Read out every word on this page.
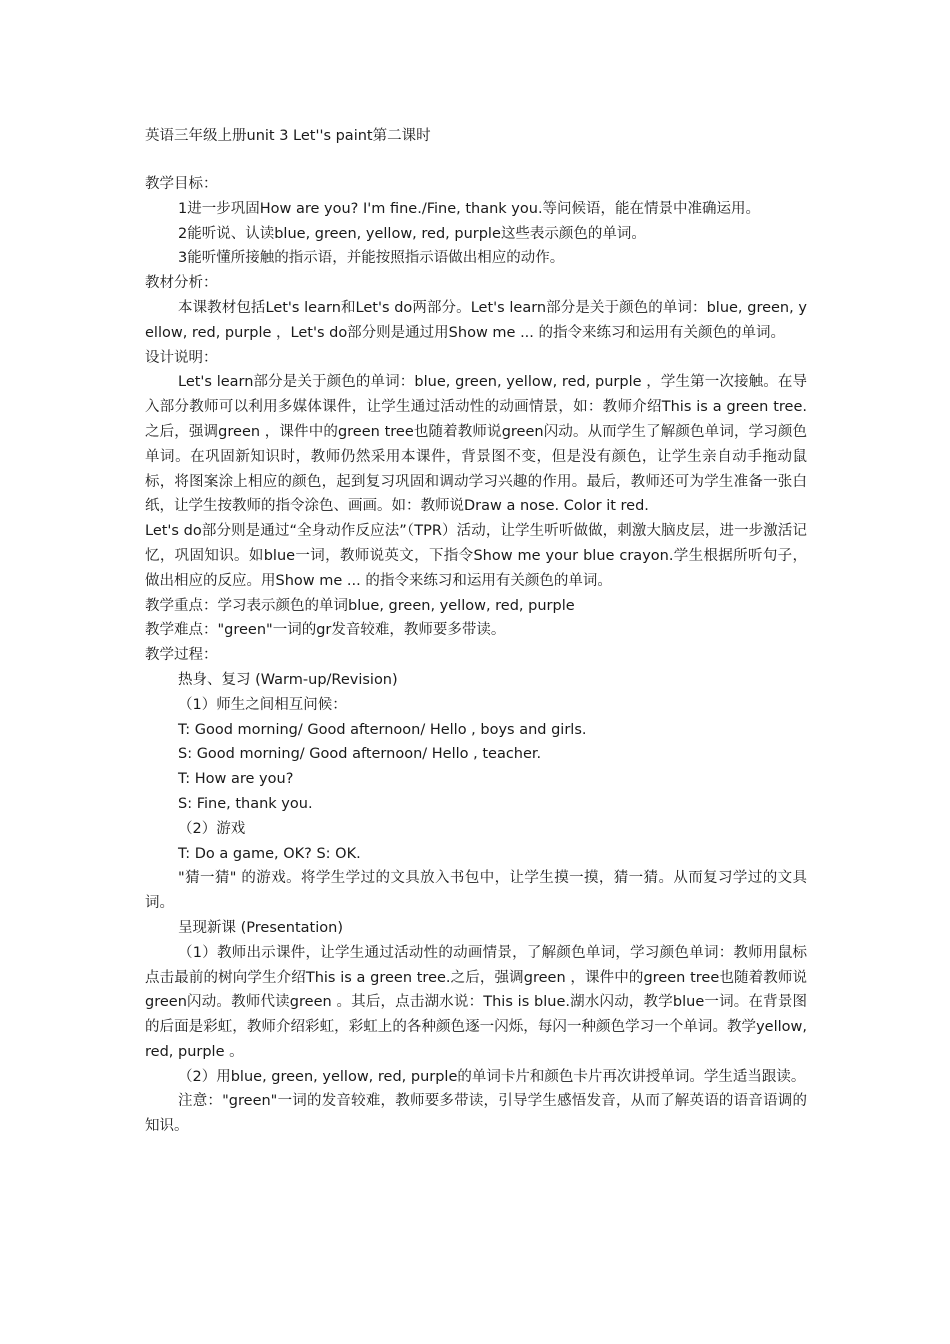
英语三年级上册unit 3 Let''s paint第二课时
教学目标：
1进一步巩固How are you? I'm fine./Fine, thank you.等问候语，能在情景中准确运用。
2能听说、认读blue, green, yellow, red, purple这些表示颜色的单词。
3能听懂所接触的指示语，并能按照指示语做出相应的动作。
教材分析：
本课教材包括Let's learn和Let's do两部分。Let's learn部分是关于颜色的单词：blue, green, yellow, red, purple ，Let's do部分则是通过用Show me ... 的指令来练习和运用有关颜色的单词。
设计说明：
Let's learn部分是关于颜色的单词：blue, green, yellow, red, purple ，学生第一次接触。在导入部分教师可以利用多媒体课件，让学生通过活动性的动画情景，如：教师介绍This is a green tree.之后，强调green ，课件中的green tree也随着教师说green闪动。从而学生了解颜色单词，学习颜色单词。在巩固新知识时，教师仍然采用本课件，背景图不变，但是没有颜色，让学生亲自动手拖动鼠标，将图案涂上相应的颜色，起到复习巩固和调动学习兴趣的作用。最后，教师还可为学生准备一张白纸，让学生按教师的指令涂色、画画。如：教师说Draw a nose. Color it red.
Let's do部分则是通过“全身动作反应法”（TPR）活动，让学生听听做做，刺激大脑皮层，进一步激活记忆，巩固知识。如blue一词，教师说英文，下指令Show me your blue crayon.学生根据所听句子，做出相应的反应。用Show me ... 的指令来练习和运用有关颜色的单词。
教学重点：学习表示颜色的单词blue, green, yellow, red, purple
教学难点："green"一词的gr发音较难，教师要多带读。
教学过程：
热身、复习 (Warm-up/Revision)
（1）师生之间相互问候：
T: Good morning/ Good afternoon/ Hello , boys and girls.
S: Good morning/ Good afternoon/ Hello , teacher.
T: How are you?
S: Fine, thank you.
（2）游戏
T: Do a game, OK? S: OK.
"猜一猜" 的游戏。将学生学过的文具放入书包中，让学生摸一摸，猜一猜。从而复习学过的文具词。
呈现新课 (Presentation)
（1）教师出示课件，让学生通过活动性的动画情景，了解颜色单词，学习颜色单词：教师用鼠标点击最前的树向学生介绍This is a green tree.之后，强调green ，课件中的green tree也随着教师说green闪动。教师代读green 。其后，点击湖水说：This is blue.湖水闪动，教学blue一词。在背景图的后面是彩虹，教师介绍彩虹，彩虹上的各种颜色逐一闪烁，每闪一种颜色学习一个单词。教学yellow, red, purple 。
（2）用blue, green, yellow, red, purple的单词卡片和颜色卡片再次讲授单词。学生适当跟读。
注意："green"一词的发音较难，教师要多带读，引导学生感悟发音，从而了解英语的语音语调的知识。
